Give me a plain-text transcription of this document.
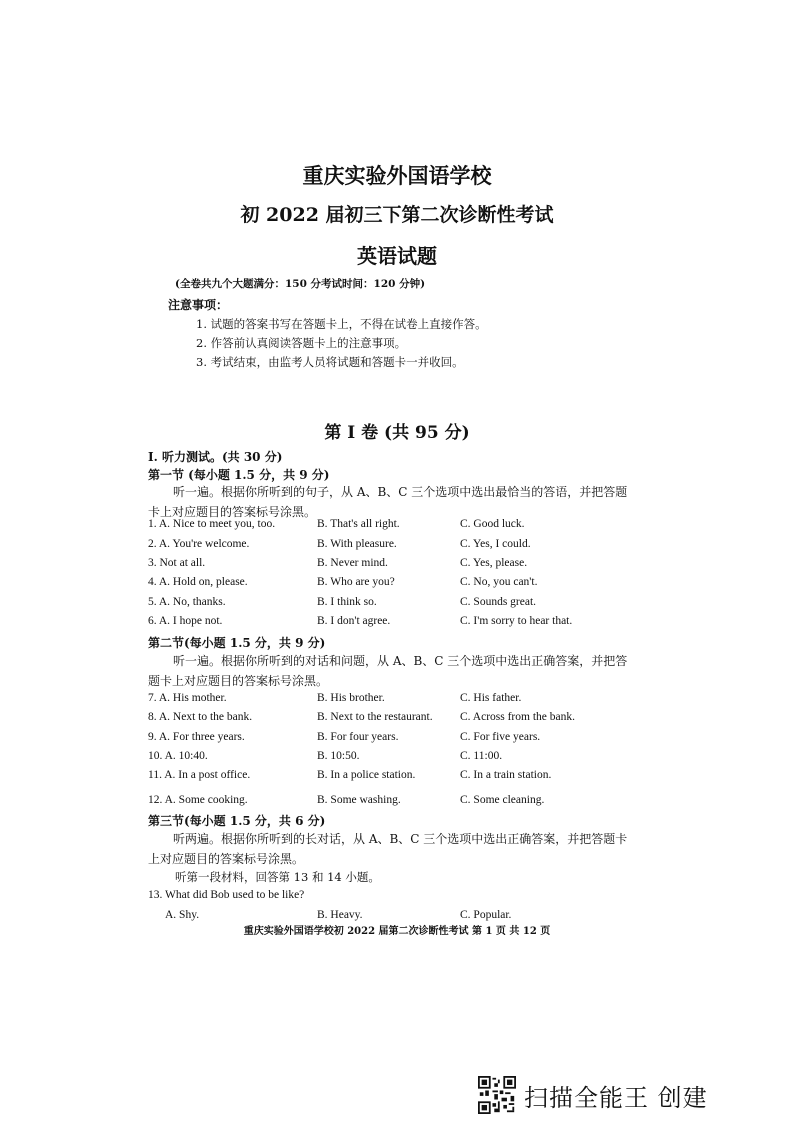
重庆实验外国语学校
初 2022 届初三下第二次诊断性考试
英语试题
(全卷共九个大题满分：150 分考试时间：120 分钟)
注意事项：
1. 试题的答案书写在答题卡上，不得在试卷上直接作答。
2. 作答前认真阅读答题卡上的注意事项。
3. 考试结束，由监考人员将试题和答题卡一并收回。
第 I 卷 (共 95 分)
I. 听力测试。(共 30 分)
第一节 (每小题 1.5 分，共 9 分)
听一遍。根据你所听到的句子，从 A、B、C 三个选项中选出最恰当的答语，并把答题卡上对应题目的答案标号涂黑。
1. A. Nice to meet you, too.	B. That's all right.	C. Good luck.
2. A. You're welcome.	B. With pleasure.	C. Yes, I could.
3. Not at all.	B. Never mind.	C. Yes, please.
4. A. Hold on, please.	B. Who are you?	C. No, you can't.
5. A. No, thanks.	B. I think so.	C. Sounds great.
6. A. I hope not.	B. I don't agree.	C. I'm sorry to hear that.
第二节(每小题 1.5 分，共 9 分)
听一遍。根据你所听到的对话和问题，从 A、B、C 三个选项中选出正确答案，并把答题卡上对应题目的答案标号涂黑。
7. A. His mother.	B. His brother.	C. His father.
8. A. Next to the bank.	B. Next to the restaurant. C. Across from the bank.
9. A. For three years.	B. For four years.	C. For five years.
10. A. 10:40.	B. 10:50.	C. 11:00.
11. A. In a post office.	B. In a police station.	C. In a train station.
12. A. Some cooking.	B. Some washing.	C. Some cleaning.
第三节(每小题 1.5 分，共 6 分)
听两遍。根据你所听到的长对话，从 A、B、C 三个选项中选出正确答案，并把答题卡上对应题目的答案标号涂黑。
听第一段材料，回答第 13 和 14 小题。
13. What did Bob used to be like?
A. Shy.	B. Heavy.	C. Popular.
重庆实验外国语学校初 2022 届第二次诊断性考试 第 1 页 共 12 页
扫描全能王 创建
